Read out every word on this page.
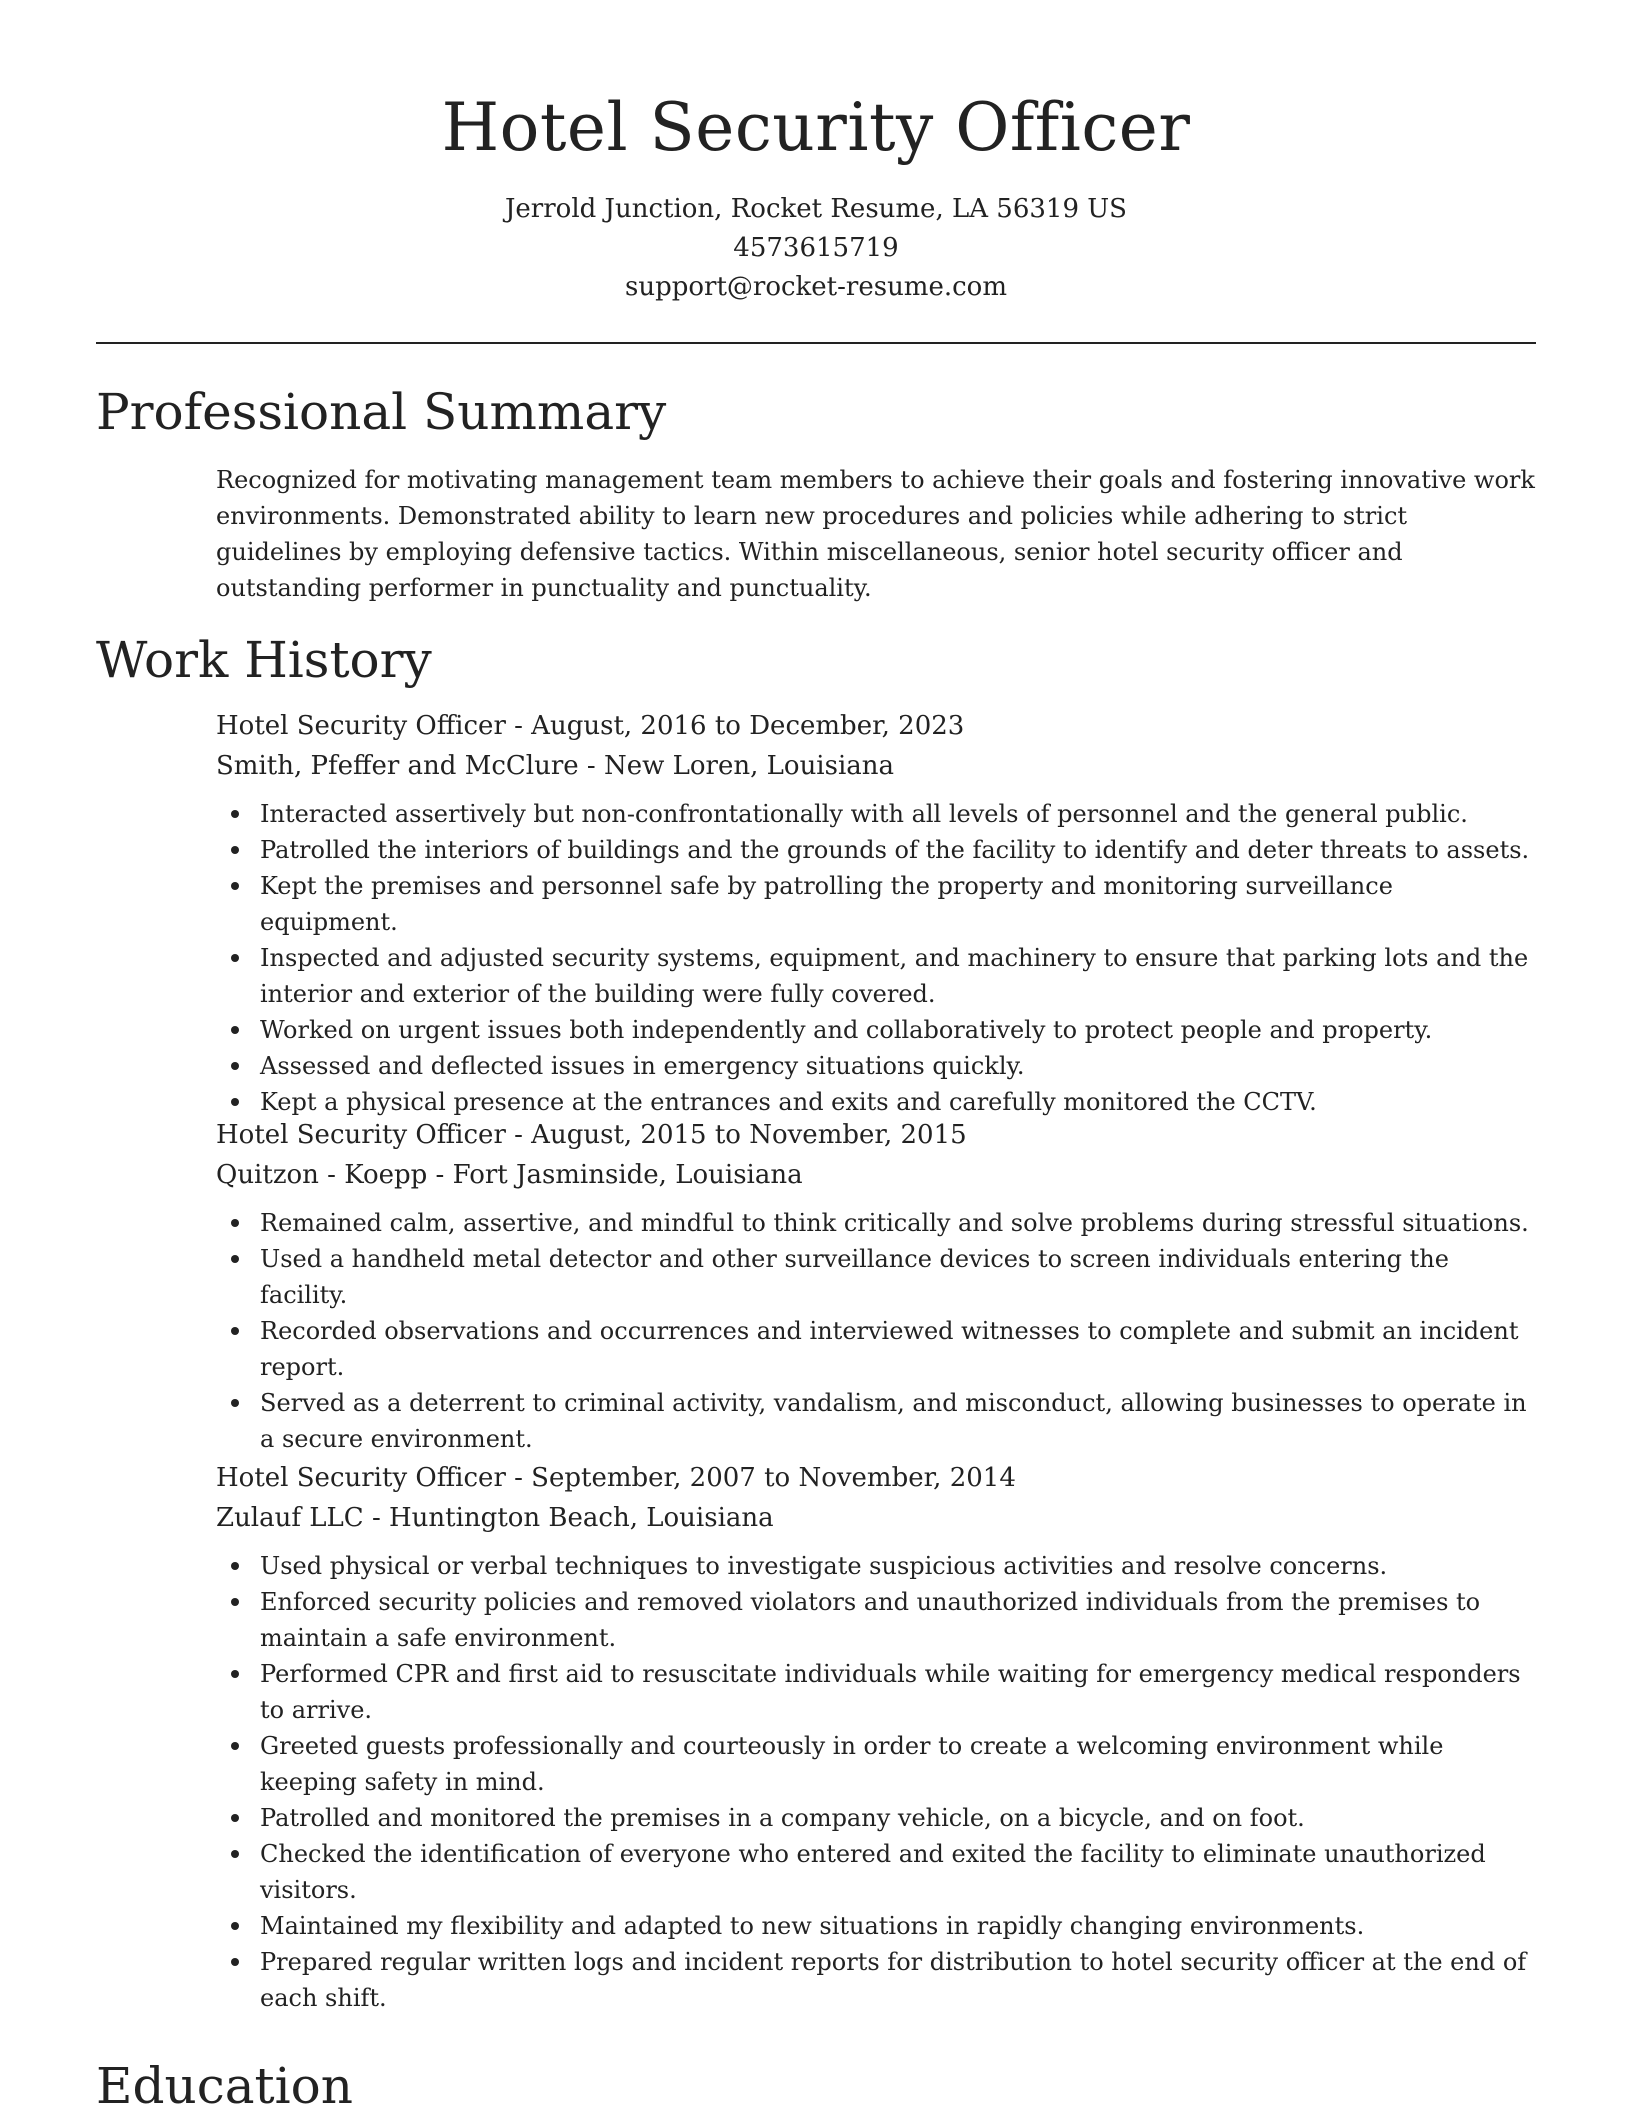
Hotel Security Officer
Jerrold Junction, Rocket Resume, LA 56319 US
4573615719
support@rocket-resume.com
Professional Summary

Recognized for motivating management team members to achieve their goals and fostering innovative work environments. Demonstrated ability to learn new procedures and policies while adhering to strict guidelines by employing defensive tactics. Within miscellaneous, senior hotel security officer and outstanding performer in punctuality and punctuality.

Work History
Hotel Security Officer - August, 2016 to December, 2023
Smith, Pfeffer and McClure - New Loren, Louisiana
Interacted assertively but non-confrontationally with all levels of personnel and the general public.
Patrolled the interiors of buildings and the grounds of the facility to identify and deter threats to assets.
Kept the premises and personnel safe by patrolling the property and monitoring surveillance equipment.
Inspected and adjusted security systems, equipment, and machinery to ensure that parking lots and the interior and exterior of the building were fully covered.
Worked on urgent issues both independently and collaboratively to protect people and property.
Assessed and deflected issues in emergency situations quickly.
Kept a physical presence at the entrances and exits and carefully monitored the CCTV.
Hotel Security Officer - August, 2015 to November, 2015
Quitzon - Koepp - Fort Jasminside, Louisiana
Remained calm, assertive, and mindful to think critically and solve problems during stressful situations.
Used a handheld metal detector and other surveillance devices to screen individuals entering the facility.
Recorded observations and occurrences and interviewed witnesses to complete and submit an incident report.
Served as a deterrent to criminal activity, vandalism, and misconduct, allowing businesses to operate in a secure environment.
Hotel Security Officer - September, 2007 to November, 2014
Zulauf LLC - Huntington Beach, Louisiana
Used physical or verbal techniques to investigate suspicious activities and resolve concerns.
Enforced security policies and removed violators and unauthorized individuals from the premises to maintain a safe environment.
Performed CPR and first aid to resuscitate individuals while waiting for emergency medical responders to arrive.
Greeted guests professionally and courteously in order to create a welcoming environment while keeping safety in mind.
Patrolled and monitored the premises in a company vehicle, on a bicycle, and on foot.
Checked the identification of everyone who entered and exited the facility to eliminate unauthorized visitors.
Maintained my flexibility and adapted to new situations in rapidly changing environments.
Prepared regular written logs and incident reports for distribution to hotel security officer at the end of each shift.
Education
